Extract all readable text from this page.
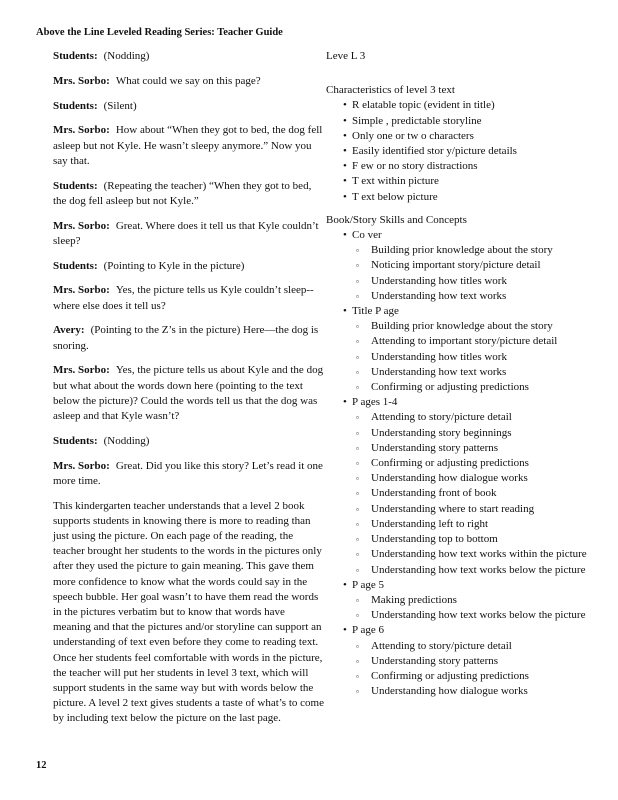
Above the Line Leveled Reading Series: Teacher Guide

Students: (Nodding)

Mrs. Sorbo: What could we say on this page?

Students: (Silent)

Mrs. Sorbo: How about “When they got to bed, the dog fell asleep but not Kyle. He wasn’t sleepy anymore.” Now you say that.

Students: (Repeating the teacher) “When they got to bed, the dog fell asleep but not Kyle.”

Mrs. Sorbo: Great. Where does it tell us that Kyle couldn’t sleep?

Students: (Pointing to Kyle in the picture)

Mrs. Sorbo: Yes, the picture tells us Kyle couldn’t sleep--where else does it tell us?

Avery: (Pointing to the Z’s in the picture) Here—the dog is snoring.

Mrs. Sorbo: Yes, the picture tells us about Kyle and the dog but what about the words down here (pointing to the text below the picture)? Could the words tell us that the dog was asleep and that Kyle wasn’t?

Students: (Nodding)

Mrs. Sorbo: Great. Did you like this story? Let’s read it one more time.

This kindergarten teacher understands that a level 2 book supports students in knowing there is more to reading than just using the picture. On each page of the reading, the teacher brought her students to the words in the pictures only after they used the picture to gain meaning. This gave them more confidence to know what the words could say in the speech bubble. Her goal wasn’t to have them read the words in the pictures verbatim but to know that words have meaning and that the pictures and/or storyline can support an understanding of text even before they come to reading text. Once her students feel comfortable with words in the picture, the teacher will put her students in level 3 text, which will support students in the same way but with words below the picture. A level 2 text gives students a taste of what’s to come by including text below the picture on the last page.

Leve L 3
Characteristics of level 3 text
• R elatable topic (evident in title)
• Simple , predictable storyline
• Only one or tw o characters
• Easily identified stor y/picture details
• F ew or no story distractions
• T ext within picture
• T ext below picture
Book/Story Skills and Concepts
• Co ver
▫ Building prior knowledge about the story
▫ Noticing important story/picture detail
▫ Understanding how titles work
▫ Understanding how text works
• Title P age
▫ Building prior knowledge about the story
▫ Attending to important story/picture detail
▫ Understanding how titles work
▫ Understanding how text works
▫ Confirming or adjusting predictions
• P ages 1-4
▫ Attending to story/picture detail
▫ Understanding story beginnings
▫ Understanding story patterns
▫ Confirming or adjusting predictions
▫ Understanding how dialogue works
▫ Understanding front of book
▫ Understanding where to start reading
▫ Understanding left to right
▫ Understanding top to bottom
▫ Understanding how text works within the picture
▫ Understanding how text works below the picture
• P age 5
▫ Making predictions
▫ Understanding how text works below the picture
• P age 6
▫ Attending to story/picture detail
▫ Understanding story patterns
▫ Confirming or adjusting predictions
▫ Understanding how dialogue works
12
